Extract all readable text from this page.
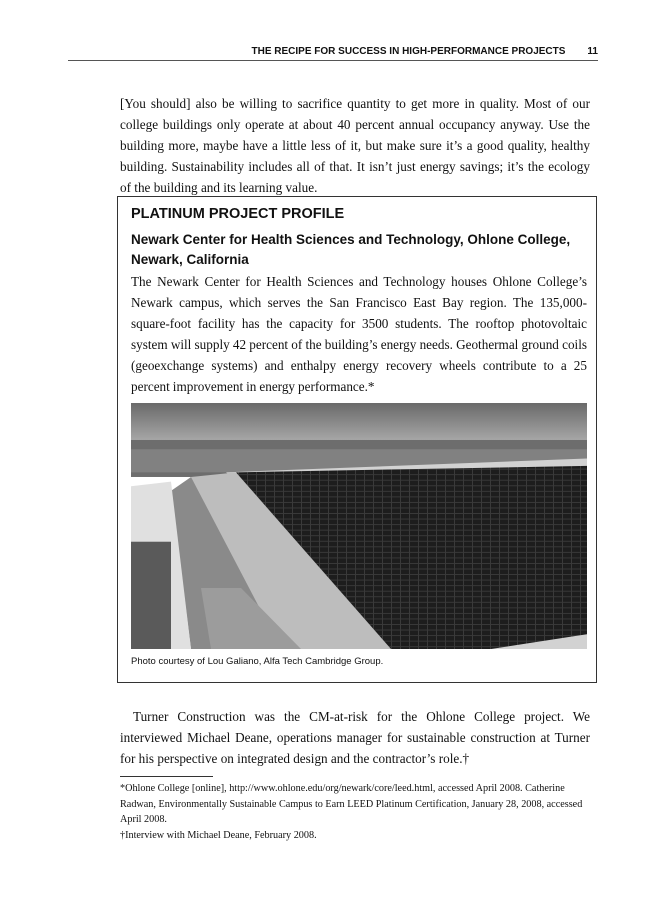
THE RECIPE FOR SUCCESS IN HIGH-PERFORMANCE PROJECTS 11
[You should] also be willing to sacrifice quantity to get more in quality. Most of our college buildings only operate at about 40 percent annual occupancy anyway. Use the building more, maybe have a little less of it, but make sure it’s a good quality, healthy building. Sustainability includes all of that. It isn’t just energy savings; it’s the ecology of the building and its learning value.
PLATINUM PROJECT PROFILE
Newark Center for Health Sciences and Technology, Ohlone College, Newark, California
The Newark Center for Health Sciences and Technology houses Ohlone College’s Newark campus, which serves the San Francisco East Bay region. The 135,000-square-foot facility has the capacity for 3500 students. The rooftop photovoltaic system will supply 42 percent of the building’s energy needs. Geothermal ground coils (geoexchange systems) and enthalpy energy recovery wheels contribute to a 25 percent improvement in energy performance.*
Photo courtesy of Lou Galiano, Alfa Tech Cambridge Group.
Turner Construction was the CM-at-risk for the Ohlone College project. We interviewed Michael Deane, operations manager for sustainable construction at Turner for his perspective on integrated design and the contractor’s role.†
*Ohlone College [online], http://www.ohlone.edu/org/newark/core/leed.html, accessed April 2008. Catherine Radwan, Environmentally Sustainable Campus to Earn LEED Platinum Certification, January 28, 2008, accessed April 2008.
†Interview with Michael Deane, February 2008.
